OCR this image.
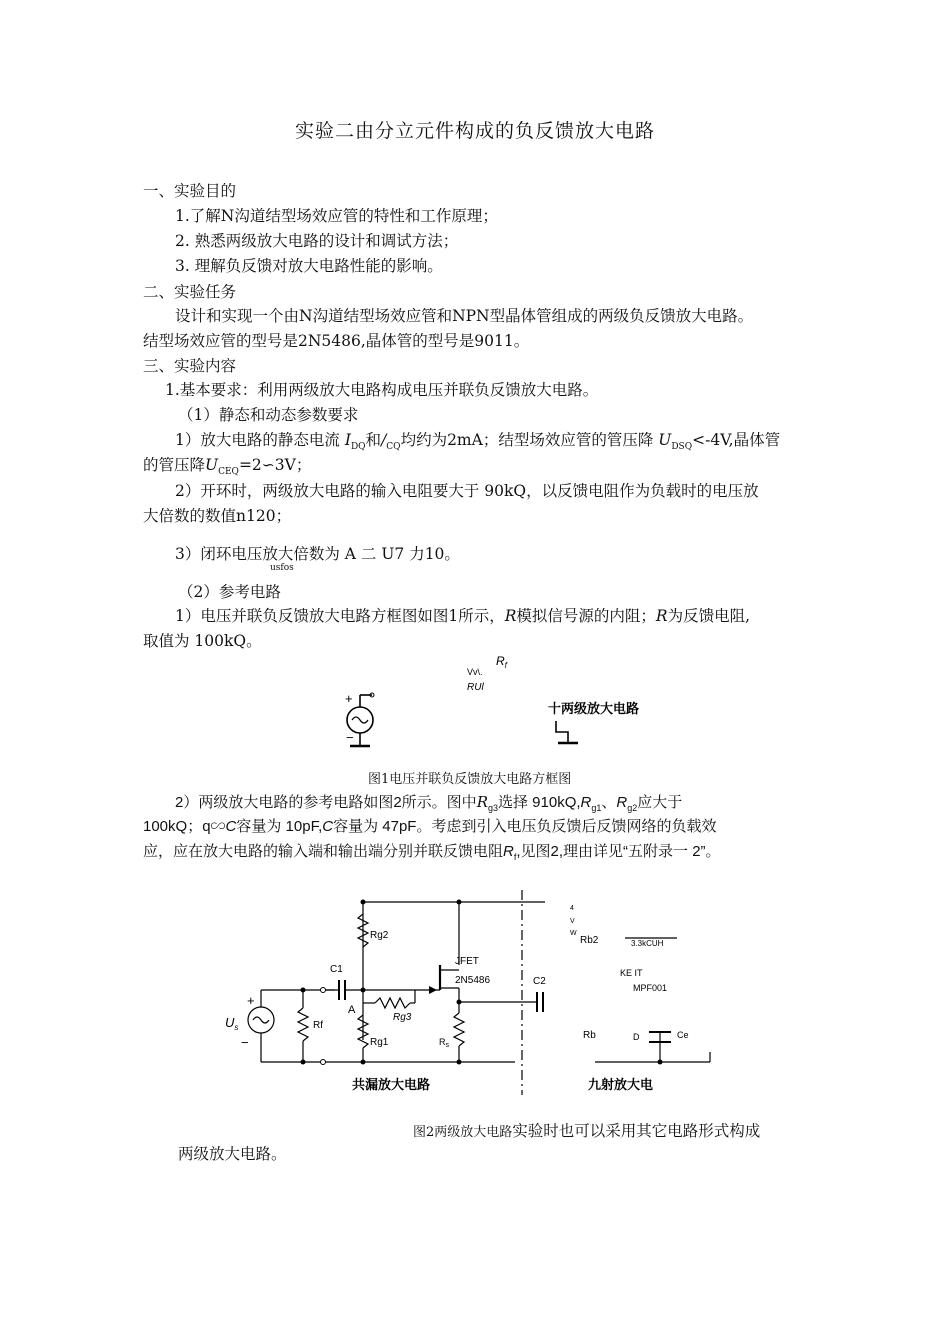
实验二由分立元件构成的负反馈放大电路
一、实验目的
1.了解N沟道结型场效应管的特性和工作原理；
2. 熟悉两级放大电路的设计和调试方法；
3. 理解负反馈对放大电路性能的影响。
二、实验任务
设计和实现一个由N沟道结型场效应管和NPN型晶体管组成的两级负反馈放大电路。
结型场效应管的型号是2N5486,晶体管的型号是9011。
三、实验内容
1.基本要求：利用两级放大电路构成电压并联负反馈放大电路。
（1）静态和动态参数要求
1）放大电路的静态电流 $I_{DQ}$和$/_{CQ}$均约为2mA；结型场效应管的管压降 $U_{DSQ}<-4V$,晶体管
的管压降$U_{CEQ}=2∽3V$；
2）开环时，两级放大电路的输入电阻要大于 90kQ，以反馈电阻作为负载时的电压放
大倍数的数值n120；
3）闭环电压放大倍数为 A 二 U7 力10。
usfos
（2）参考电路
1）电压并联负反馈放大电路方框图如图1所示，R模拟信号源的内阻；R为反馈电阻,
取值为 100kQ。
$R_f$
Vv\.
RUl
+
−
十两级放大电路
图1电压并联负反馈放大电路方框图
2）两级放大电路的参考电路如图2所示。图中$R_{g3}$选择 $910kQ,R_{g1}$、$R_{g2}$应大于
100kQ；q∽C容量为 10pF,C容量为 47pF。考虑到引入电压负反馈后反馈网络的负载效
应，应在放大电路的输入端和输出端分别并联反馈电阻$R_f$,见图2,理由详见“五附录一 2”。
Rg2
C1
JFET
2N5486	C2
Rg3
A
Rf
$U_s$
+
−	Rg1	$R_s$
共漏放大电路
4
V
W
Rb2	3.3kCUH
KE IT
MPF001
Rb	D	Ce
九射放大电
图2两级放大电路实验时也可以采用其它电路形式构成
两级放大电路。
